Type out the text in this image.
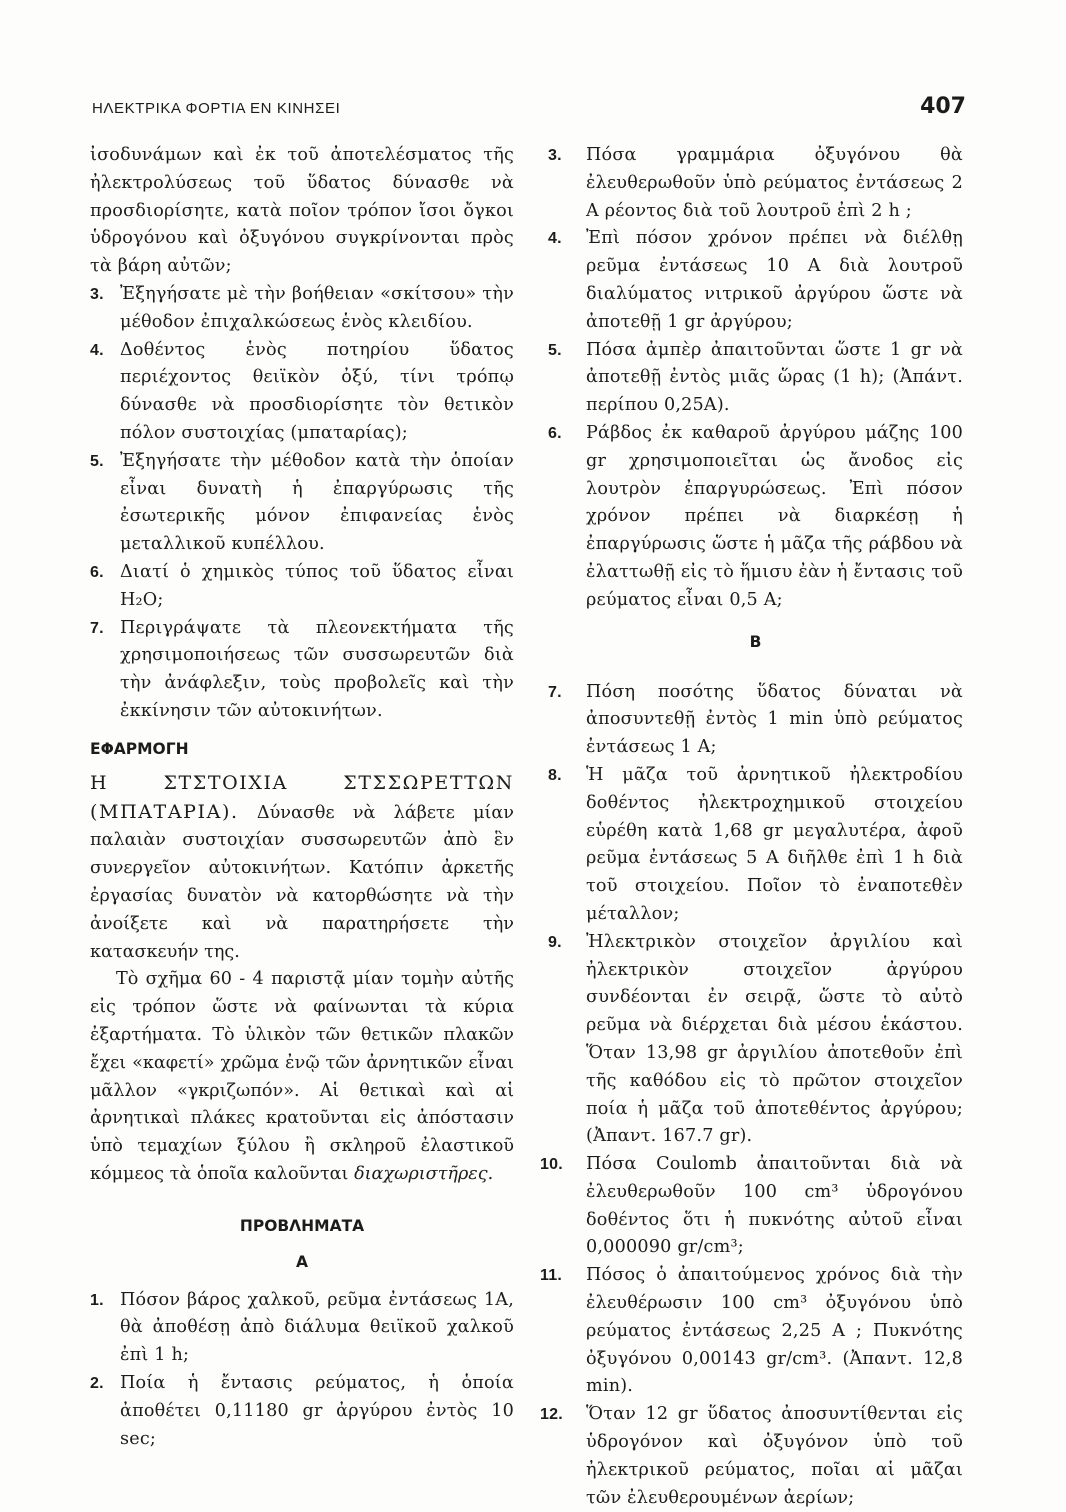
ΗΛΕΚΤΡΙΚΑ ΦΟΡΤΙΑ ΕΝ ΚΙΝΗΣΕΙ	407

ἰσοδυνάμων καὶ ἐκ τοῦ ἀποτελέσματος τῆς ἠλεκτρολύσεως τοῦ ὕδατος δύνασθε νὰ προσδιορίσητε, κατὰ ποῖον τρόπον ἴσοι ὄγκοι ὑδρογόνου καὶ ὀξυγόνου συγκρίνονται πρὸς τὰ βάρη αὐτῶν;

3. Ἐξηγήσατε μὲ τὴν βοήθειαν «σκίτσου» τὴν μέθοδον ἐπιχαλκώσεως ἑνὸς κλειδίου.
4. Δοθέντος ἑνὸς ποτηρίου ὕδατος περιέχοντος θειϊκὸν ὀξύ, τίνι τρόπῳ δύνασθε νὰ προσδιορίσητε τὸν θετικὸν πόλον συστοιχίας (μπαταρίας);
5. Ἐξηγήσατε τὴν μέθοδον κατὰ τὴν ὁποίαν εἶναι δυνατὴ ἡ ἐπαργύρωσις τῆς ἐσωτερικῆς μόνον ἐπιφανείας ἑνὸς μεταλλικοῦ κυπέλλου.
6. Διατί ὁ χημικὸς τύπος τοῦ ὕδατος εἶναι H₂O;
7. Περιγράψατε τὰ πλεονεκτήματα τῆς χρησιμοποιήσεως τῶν συσσωρευτῶν διὰ τὴν ἀνάφλεξιν, τοὺς προβολεῖς καὶ τὴν ἐκκίνησιν τῶν αὐτοκινήτων.
ΕΦΑΡΜΟΓΗ
Η ΣΤΣΤΟΙΧΙΑ ΣΤΣΣΩΡΕΤΤΩΝ (ΜΠΑΤΑΡΙΑ). Δύνασθε νὰ λάβετε μίαν παλαιὰν συστοιχίαν συσσωρευτῶν ἀπὸ ἓν συνεργεῖον αὐτοκινήτων. Κατόπιν ἀρκετῆς ἐργασίας δυνατὸν νὰ κατορθώσητε νὰ τὴν ἀνοίξετε καὶ νὰ παρατηρήσετε τὴν κατασκευήν της.
Τὸ σχῆμα 60 - 4 παριστᾷ μίαν τομὴν αὐτῆς εἰς τρόπον ὥστε νὰ φαίνωνται τὰ κύρια ἐξαρτήματα. Τὸ ὑλικὸν τῶν θετικῶν πλακῶν ἔχει «καφετί» χρῶμα ἐνῷ τῶν ἀρνητικῶν εἶναι μᾶλλον «γκριζωπόν». Αἱ θετικαὶ καὶ αἱ ἀρνητικαὶ πλάκες κρατοῦνται εἰς ἀπόστασιν ὑπὸ τεμαχίων ξύλου ἢ σκληροῦ ἐλαστικοῦ κόμμεος τὰ ὁποῖα καλοῦνται διαχωριστῆρες.
ΠΡΟΒΛΗΜΑΤΑ
Α
1. Πόσον βάρος χαλκοῦ, ρεῦμα ἐντάσεως 1A, θὰ ἀποθέσῃ ἀπὸ διάλυμα θειϊκοῦ χαλκοῦ ἐπὶ 1 h;
2. Ποία ἡ ἔντασις ρεύματος, ἡ ὁποία ἀποθέτει 0,11180 gr ἀργύρου ἐντὸς 10 sec;
3. Πόσα γραμμάρια ὀξυγόνου θὰ ἐλευθερωθοῦν ὑπὸ ρεύματος ἐντάσεως 2 A ρέοντος διὰ τοῦ λουτροῦ ἐπὶ 2 h ;
4. Ἐπὶ πόσον χρόνον πρέπει νὰ διέλθῃ ρεῦμα ἐντάσεως 10 A διὰ λουτροῦ διαλύματος νιτρικοῦ ἀργύρου ὥστε νὰ ἀποτεθῇ 1 gr ἀργύρου;
5. Πόσα ἀμπὲρ ἀπαιτοῦνται ὥστε 1 gr νὰ ἀποτεθῇ ἐντὸς μιᾶς ὥρας (1 h); (Ἀπάντ. περίπου 0,25A).
6. Ράβδος ἐκ καθαροῦ ἀργύρου μάζης 100 gr χρησιμοποιεῖται ὡς ἄνοδος εἰς λουτρὸν ἐπαργυρώσεως. Ἐπὶ πόσον χρόνον πρέπει νὰ διαρκέσῃ ἡ ἐπαργύρωσις ὥστε ἡ μᾶζα τῆς ράβδου νὰ ἐλαττωθῇ εἰς τὸ ἥμισυ ἐὰν ἡ ἔντασις τοῦ ρεύματος εἶναι 0,5 A;
Β
7. Πόση ποσότης ὕδατος δύναται νὰ ἀποσυντεθῇ ἐντὸς 1 min ὑπὸ ρεύματος ἐντάσεως 1 A;
8. Ἡ μᾶζα τοῦ ἀρνητικοῦ ἠλεκτροδίου δοθέντος ἠλεκτροχημικοῦ στοιχείου εὑρέθη κατὰ 1,68 gr μεγαλυτέρα, ἀφοῦ ρεῦμα ἐντάσεως 5 A διῆλθε ἐπὶ 1 h διὰ τοῦ στοιχείου. Ποῖον τὸ ἐναποτεθὲν μέταλλον;
9. Ἠλεκτρικὸν στοιχεῖον ἀργιλίου καὶ ἠλεκτρικὸν στοιχεῖον ἀργύρου συνδέονται ἐν σειρᾷ, ὥστε τὸ αὐτὸ ρεῦμα νὰ διέρχεται διὰ μέσου ἑκάστου. Ὅταν 13,98 gr ἀργιλίου ἀποτεθοῦν ἐπὶ τῆς καθόδου εἰς τὸ πρῶτον στοιχεῖον ποία ἡ μᾶζα τοῦ ἀποτεθέντος ἀργύρου; (Ἀπαντ. 167.7 gr).
10. Πόσα Coulomb ἀπαιτοῦνται διὰ νὰ ἐλευθερωθοῦν 100 cm³ ὑδρογόνου δοθέντος ὅτι ἡ πυκνότης αὐτοῦ εἶναι 0,000090 gr/cm³;
11. Πόσος ὁ ἀπαιτούμενος χρόνος διὰ τὴν ἐλευθέρωσιν 100 cm³ ὀξυγόνου ὑπὸ ρεύματος ἐντάσεως 2,25 A ; Πυκνότης ὀξυγόνου 0,00143 gr/cm³. (Ἀπαντ. 12,8 min).
12. Ὅταν 12 gr ὕδατος ἀποσυντίθενται εἰς ὑδρογόνον καὶ ὀξυγόνον ὑπὸ τοῦ ἠλεκτρικοῦ ρεύματος, ποῖαι αἱ μᾶζαι τῶν ἐλευθερουμένων ἀερίων;
